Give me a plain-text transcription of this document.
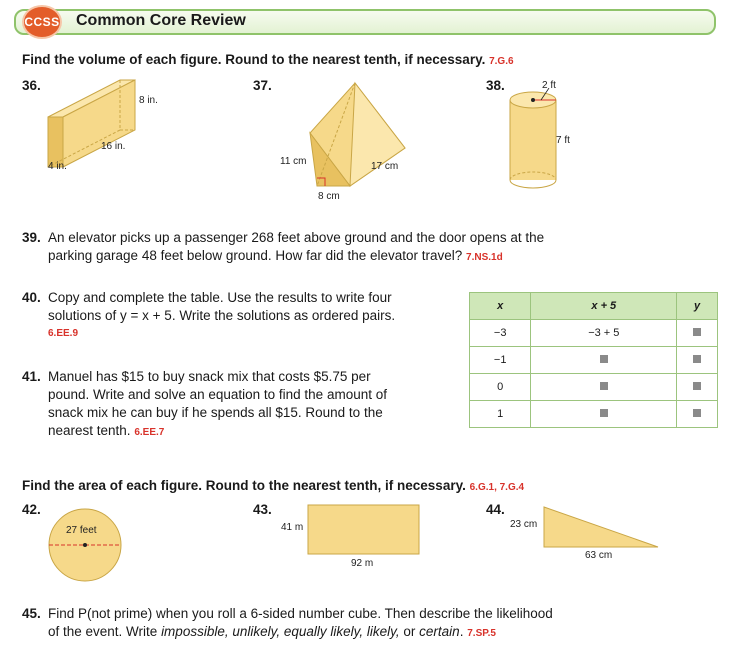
CCSS Common Core Review
Find the volume of each figure. Round to the nearest tenth, if necessary. 7.G.6
36.
8 in.
16 in.
4 in.
37.
11 cm	17 cm
8 cm
38.	2 ft
7 ft
39. An elevator picks up a passenger 268 feet above ground and the door opens at the
parking garage 48 feet below ground. How far did the elevator travel? 7.NS.1d
40. Copy and complete the table. Use the results to write four
solutions of y = x + 5. Write the solutions as ordered pairs.
6.EE.9
41. Manuel has $15 to buy snack mix that costs $5.75 per
pound. Write and solve an equation to find the amount of
snack mix he can buy if he spends all $15. Round to the
nearest tenth. 6.EE.7
x	x + 5	y
−3	−3 + 5	
−1		
0		
1		
Find the area of each figure. Round to the nearest tenth, if necessary. 6.G.1, 7.G.4
42.
27 feet
43.
41 m
92 m
44.
23 cm
63 cm
45. Find P(not prime) when you roll a 6-sided number cube. Then describe the likelihood
of the event. Write impossible, unlikely, equally likely, likely, or certain. 7.SP.5
